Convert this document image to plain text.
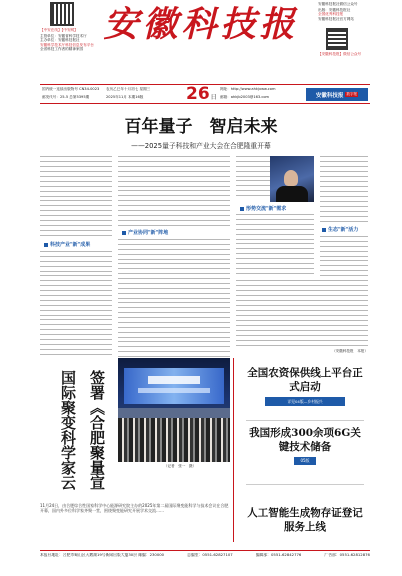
【中安在线】【中安网】
主管单位：安徽省科学技术厅
主办单位：安徽科技报社
安徽科学技术厅科技信息发布平台
全省科技工作者的精神家园
安徽科技报	安徽科技报社微信公众号
出版：安徽科技报社
全国优秀科技报
安徽科技报社官方网站
【安徽科技报】微信公众号
国内统一连续出版物号 CN34-0023
邮发代号：25-5 总第5395期
农历乙巳年十月初七 星期三
2025年11月 本期16版	26 日
网址：http://www.ahkjxww.com
邮箱：ahkjb2003@163.com	安徽科技报 数字报
百年量子　智启未来
——2025量子科技和产业大会在合肥隆重开幕
科技产业"新"成果
产业协同"新"阵地
形势交流"新"需求
生态"新"活力
（安徽科技报　本报）
（记者　张一　摄）
签署《合肥聚量宣
国际聚变科学家云
11月24日，由合肥综合性国家科学中心能源研究院主办的2025年第二届国际聚变能科学与技术会议在合肥开幕，国内外多位科学家齐聚一堂，围绕聚变能研究开展学术交流……
全国农资保供线上平台正式启动
详见04版—乡村振兴
我国形成300余项6G关键技术储备
05版
人工智能生成物存证登记服务上线
本报社地址：合肥市蜀山区天鹅湖19号新闻出版大厦30层 邮编：230000	总编室：0551-62827107	编辑部：0551-62842776	广告部：0551-62812876
